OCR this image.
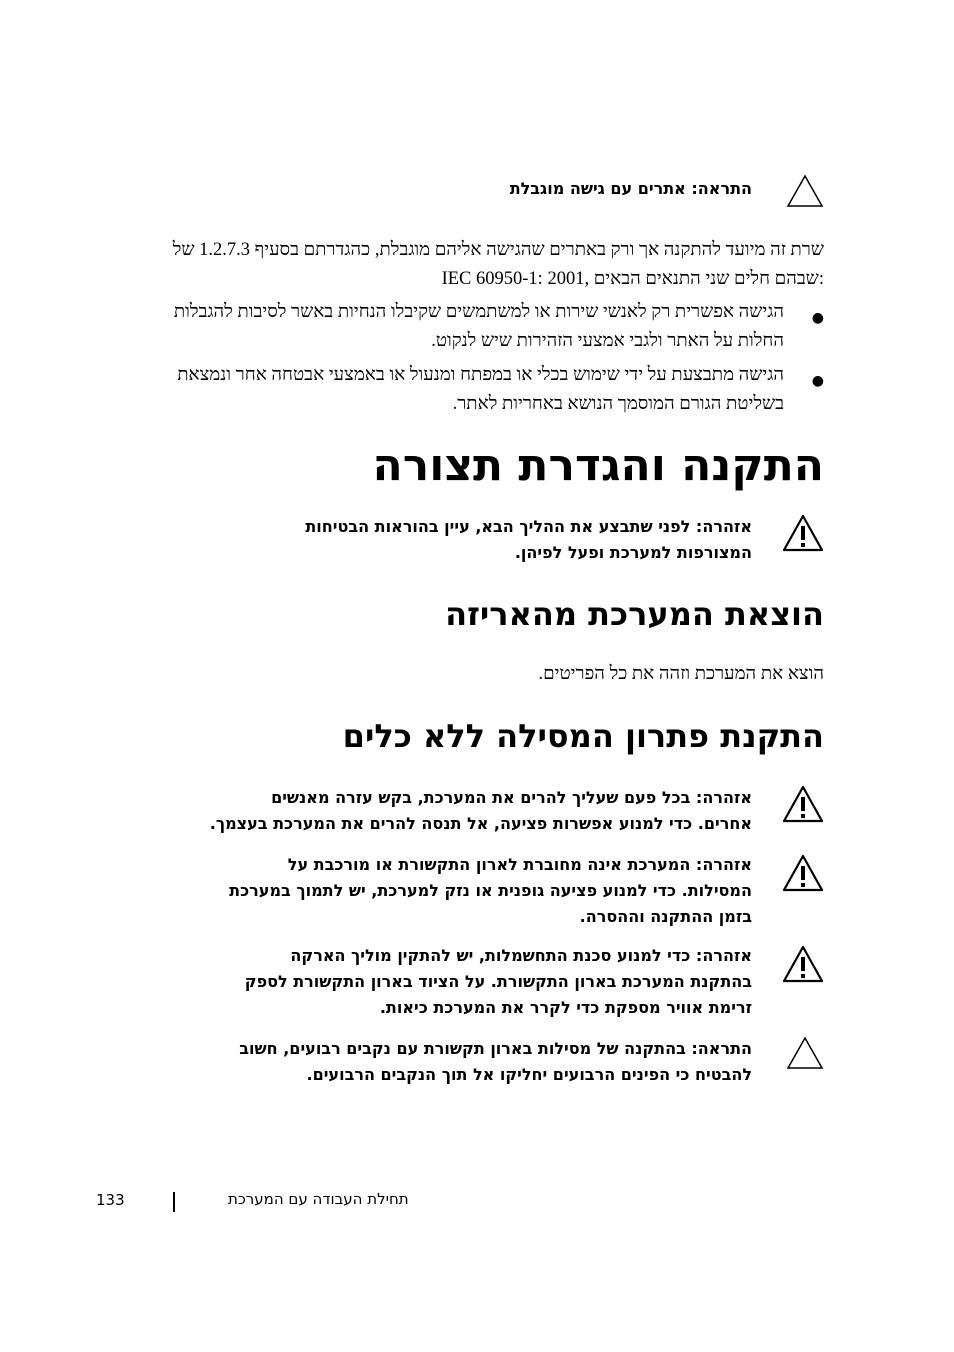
התראה: אתרים עם גישה מוגבלת
שרת זה מיועד להתקנה אך ורק באתרים שהגישה אליהם מוגבלת, כהגדרתם בסעיף 1.2.7.3 של
IEC 60950-1: 2001, שבהם חלים שני התנאים הבאים:
●
הגישה אפשרית רק לאנשי שירות או למשתמשים שקיבלו הנחיות באשר לסיבות להגבלות
החלות על האתר ולגבי אמצעי הזהירות שיש לנקוט.
●
הגישה מתבצעת על ידי שימוש בכלי או במפתח ומנעול או באמצעי אבטחה אחר ונמצאת
בשליטת הגורם המוסמך הנושא באחריות לאתר.
התקנה והגדרת תצורה
אזהרה: לפני שתבצע את ההליך הבא, עיין בהוראות הבטיחות
המצורפות למערכת ופעל לפיהן.
הוצאת המערכת מהאריזה
הוצא את המערכת וזהה את כל הפריטים.
התקנת פתרון המסילה ללא כלים
אזהרה: בכל פעם שעליך להרים את המערכת, בקש עזרה מאנשים
אחרים. כדי למנוע אפשרות פציעה, אל תנסה להרים את המערכת בעצמך.
אזהרה: המערכת אינה מחוברת לארון התקשורת או מורכבת על
המסילות. כדי למנוע פציעה גופנית או נזק למערכת, יש לתמוך במערכת
בזמן ההתקנה וההסרה.
אזהרה: כדי למנוע סכנת התחשמלות, יש להתקין מוליך הארקה
בהתקנת המערכת בארון התקשורת. על הציוד בארון התקשורת לספק
זרימת אוויר מספקת כדי לקרר את המערכת כיאות.
התראה: בהתקנה של מסילות בארון תקשורת עם נקבים רבועים, חשוב
להבטיח כי הפינים הרבועים יחליקו אל תוך הנקבים הרבועים.
133	תחילת העבודה עם המערכת
